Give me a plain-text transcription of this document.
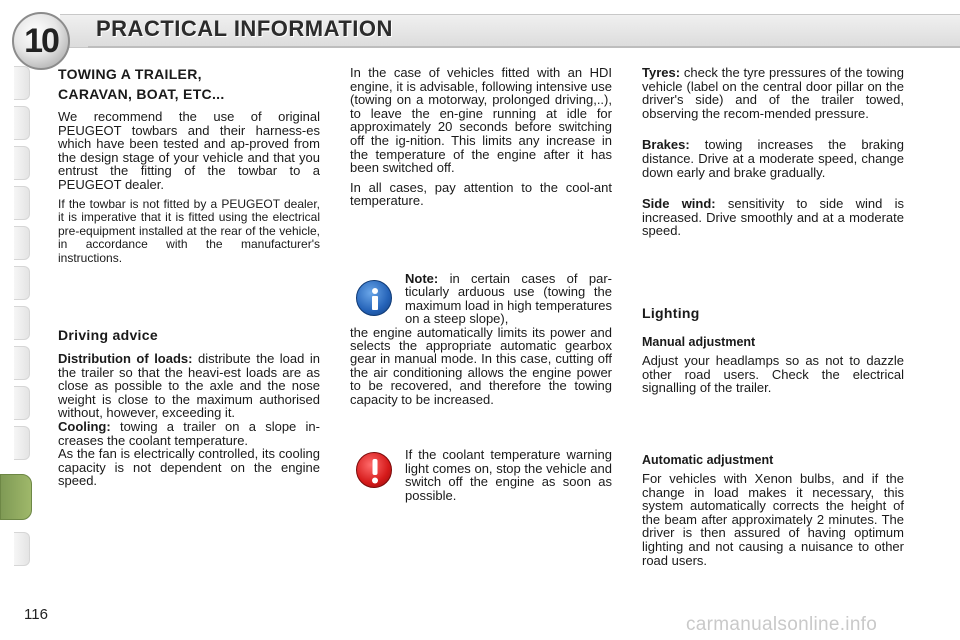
10 PRACTICAL INFORMATION
TOWING A TRAILER,
CARAVAN, BOAT, ETC...

We recommend the use of original PEUGEOT towbars and their harness-es which have been tested and ap-proved from the design stage of your vehicle and that you entrust the fitting of the towbar to a PEUGEOT dealer.

If the towbar is not fitted by a PEUGEOT dealer, it is imperative that it is fitted using the electrical pre-equipment installed at the rear of the vehicle, in accordance with the manufacturer's instructions.

Driving advice

Distribution of loads: distribute the load in the trailer so that the heavi-est loads are as close as possible to the axle and the nose weight is close to the maximum authorised without, however, exceeding it.

Cooling: towing a trailer on a slope in-creases the coolant temperature.

As the fan is electrically controlled, its cooling capacity is not dependent on the engine speed.

In the case of vehicles fitted with an HDI engine, it is advisable, following intensive use (towing on a motorway, prolonged driving,..), to leave the en-gine running at idle for approximately 20 seconds before switching off the ig-nition. This limits any increase in the temperature of the engine after it has been switched off.

In all cases, pay attention to the cool-ant temperature.

Note: in certain cases of par-ticularly arduous use (towing the maximum load in high temperatures on a steep slope),
the engine automatically limits its power and selects the appropriate automatic gearbox gear in manual mode. In this case, cutting off the air conditioning allows the engine power to be recovered, and therefore the towing capacity to be increased.
If the coolant temperature warning light comes on, stop the vehicle and switch off the engine as soon as possible.

Tyres: check the tyre pressures of the towing vehicle (label on the central door pillar on the driver's side) and of the trailer towed, observing the recom-mended pressure.

Brakes: towing increases the braking distance. Drive at a moderate speed, change down early and brake gradually.

Side wind: sensitivity to side wind is increased. Drive smoothly and at a moderate speed.

Lighting
Manual adjustment

Adjust your headlamps so as not to dazzle other road users. Check the electrical signalling of the trailer.

Automatic adjustment

For vehicles with Xenon bulbs, and if the change in load makes it necessary, this system automatically corrects the height of the beam after approximately 2 minutes. The driver is then assured of having optimum lighting and not causing a nuisance to other road users.

116	carmanualsonline.info
